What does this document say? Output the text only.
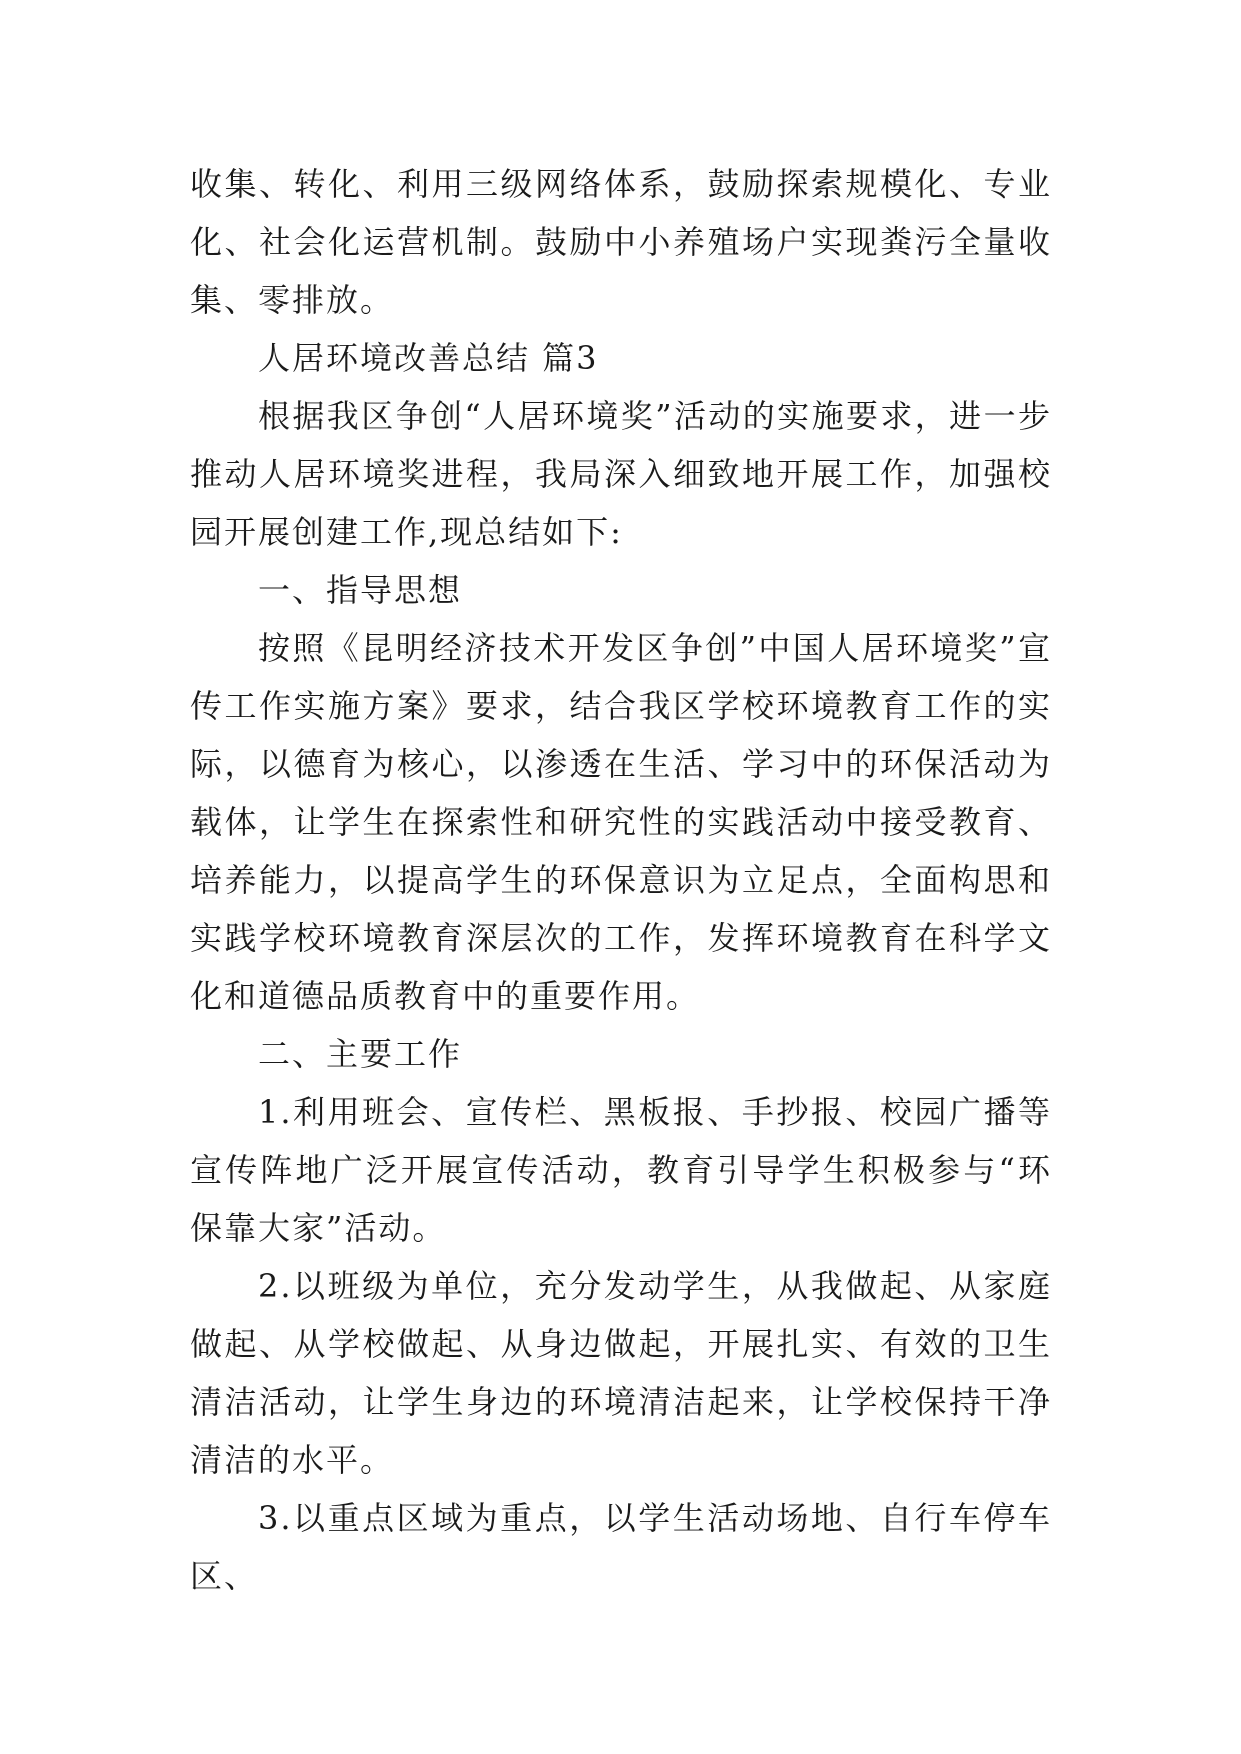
收集、转化、利用三级网络体系，鼓励探索规模化、专业化、社会化运营机制。鼓励中小养殖场户实现粪污全量收集、零排放。

人居环境改善总结 篇3

根据我区争创“人居环境奖”活动的实施要求，进一步推动人居环境奖进程，我局深入细致地开展工作，加强校园开展创建工作,现总结如下:

一、指导思想

按照《昆明经济技术开发区争创”中国人居环境奖”宣传工作实施方案》要求，结合我区学校环境教育工作的实际，以德育为核心，以渗透在生活、学习中的环保活动为载体，让学生在探索性和研究性的实践活动中接受教育、培养能力，以提高学生的环保意识为立足点，全面构思和实践学校环境教育深层次的工作，发挥环境教育在科学文化和道德品质教育中的重要作用。

二、主要工作

1.利用班会、宣传栏、黑板报、手抄报、校园广播等宣传阵地广泛开展宣传活动，教育引导学生积极参与“环保靠大家”活动。

2.以班级为单位，充分发动学生，从我做起、从家庭做起、从学校做起、从身边做起，开展扎实、有效的卫生清洁活动，让学生身边的环境清洁起来，让学校保持干净清洁的水平。

3.以重点区域为重点，以学生活动场地、自行车停车区、
